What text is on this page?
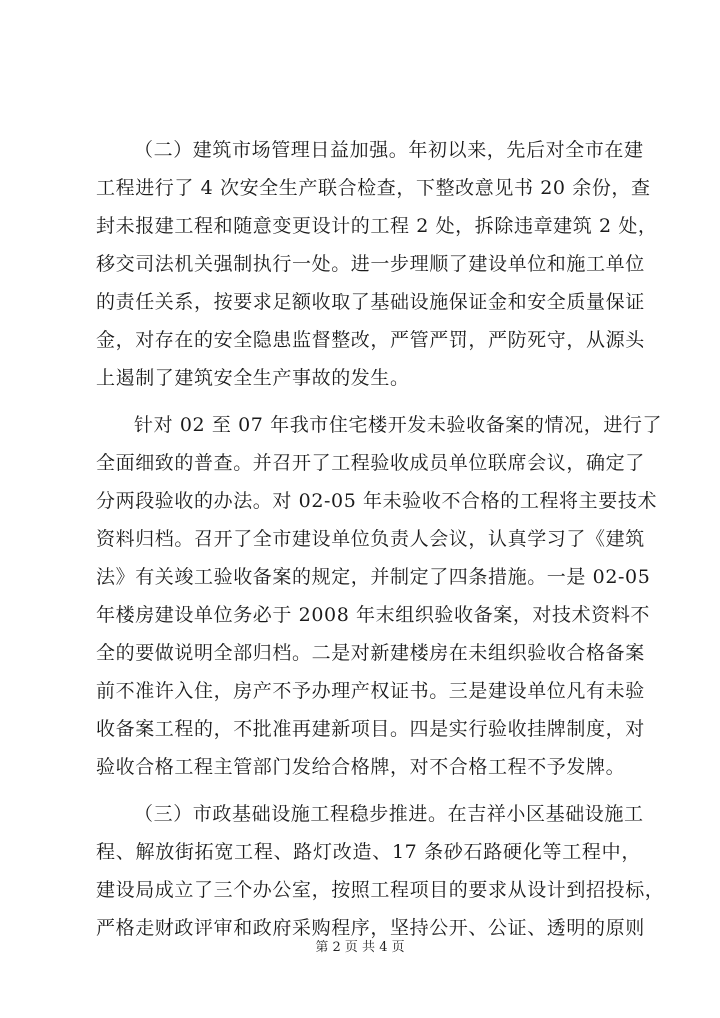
（二）建筑市场管理日益加强。年初以来，先后对全市在建
工程进行了 4 次安全生产联合检查，下整改意见书 20 余份，查
封未报建工程和随意变更设计的工程 2 处，拆除违章建筑 2 处，
移交司法机关强制执行一处。进一步理顺了建设单位和施工单位
的责任关系，按要求足额收取了基础设施保证金和安全质量保证
金，对存在的安全隐患监督整改，严管严罚，严防死守，从源头
上遏制了建筑安全生产事故的发生。
针对 02 至 07 年我市住宅楼开发未验收备案的情况，进行了
全面细致的普查。并召开了工程验收成员单位联席会议，确定了
分两段验收的办法。对 02-05 年未验收不合格的工程将主要技术
资料归档。召开了全市建设单位负责人会议，认真学习了《建筑
法》有关竣工验收备案的规定，并制定了四条措施。一是 02-05
年楼房建设单位务必于 2008 年末组织验收备案，对技术资料不
全的要做说明全部归档。二是对新建楼房在未组织验收合格备案
前不准许入住，房产不予办理产权证书。三是建设单位凡有未验
收备案工程的，不批准再建新项目。四是实行验收挂牌制度，对
验收合格工程主管部门发给合格牌，对不合格工程不予发牌。
（三）市政基础设施工程稳步推进。在吉祥小区基础设施工
程、解放街拓宽工程、路灯改造、17 条砂石路硬化等工程中，
建设局成立了三个办公室，按照工程项目的要求从设计到招投标，
严格走财政评审和政府采购程序，坚持公开、公证、透明的原则
第 2 页 共 4 页
